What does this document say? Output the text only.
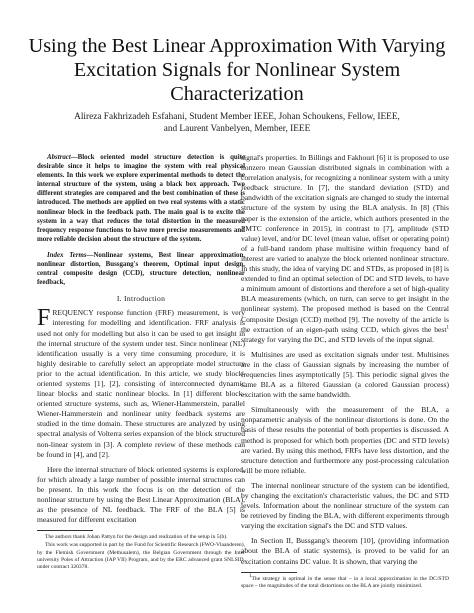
Using the Best Linear Approximation With Varying Excitation Signals for Nonlinear System Characterization
Alireza Fakhrizadeh Esfahani, Student Member IEEE, Johan Schoukens, Fellow, IEEE,
and Laurent Vanbelyen, Member, IEEE

Abstract—Block oriented model structure detection is quite desirable since it helps to imagine the system with real physical elements. In this work we explore experimental methods to detect the internal structure of the system, using a black box approach. Two different strategies are compared and the best combination of these is introduced. The methods are applied on two real systems with a static nonlinear block in the feedback path. The main goal is to excite the system in a way that reduces the total distortion in the measured frequency response functions to have more precise measurements and more reliable decision about the structure of the system.

Index Terms—Nonlinear systems, Best linear approximation, nonlinear distortion, Bussgang's theorem, Optimal input design, central composite design (CCD), structure detection, nonlinear feedback,

I. Introduction

FREQUENCY response function (FRF) measurement, is very interesting for modelling and identification. FRF analysis is used not only for modelling but also it can be used to get insight in the internal structure of the system under test. Since nonlinear (NL) identification usually is a very time consuming procedure, it is highly desirable to carefully select an appropriate model structure prior to the actual identification. In this article, we study block-oriented systems [1], [2], consisting of interconnected dynamic linear blocks and static nonlinear blocks. In [1] different block-oriented structure systems, such as, Wiener-Hammerstein, parallel Wiener-Hammerstein and nonlinear unity feedback systems are studied in the time domain. These structures are analyzed by using spectral analysis of Volterra series expansion of the block structured non-linear system in [3]. A complete review of these methods can be found in [4], and [2].

Here the internal structure of block oriented systems is explored, for which already a large number of possible internal structures can be present. In this work the focus is on the detection of the nonlinear structure by using the Best Linear Approximation (BLA), as the presence of NL feedback. The FRF of the BLA [5] is measured for different excitation

The authors thank Johan Pattyn for the design and realization of the setup in 5(b).

This work was supported in part by the Fund for Scientific Research (FWO-Vlaanderen), by the Flemish Government (Methusalem), the Belgian Government through the Inter university Poles of Attraction (IAP VII) Program, and by the ERC advanced grant SNLSID, under contract 320378.

signal's properties. In Billings and Fakhouri [6] it is proposed to use nonzero mean Gaussian distributed signals in combination with a correlation analysis, for recognizing a nonlinear system with a unity feedback structure. In [7], the standard deviation (STD) and bandwidth of the excitation signals are changed to study the internal structure of the system by using the BLA analysis. In [8] (This paper is the extension of the article, which authors presented in the PMTC conference in 2015), in contrast to [7], amplitude (STD value) level, and/or DC level (mean value, offset or operating point) of a full-band random phase multisine within frequency band of interest are varied to analyze the block oriented nonlinear structure. In this study, the idea of varying DC and STDs, as proposed in [8] is extended to find an optimal selection of DC and STD levels, to have a minimum amount of distortions and therefore a set of high-quality BLA measurements (which, on turn, can serve to get insight in the nonlinear system). The proposed method is based on the Central Composite Design (CCD) method [9]. The novelty of the article is the extraction of an eigen-path using CCD, which gives the best$^1$ strategy for varying the DC, and STD levels of the input signal.

Multisines are used as excitation signals under test. Multisines are in the class of Gaussian signals by increasing the number of frequencies lines asymptotically [5]. This periodic signal gives the same BLA as a filtered Gaussian (a colored Gaussian process) excitation with the same bandwidth.

Simultaneously with the measurement of the BLA, a nonparametric analysis of the nonlinear distortions is done. On the basis of these results the potential of both properties is discussed. A method is proposed for which both properties (DC and STD levels) are varied. By using this method, FRFs have less distortion, and the structure detection and furthermore any post-processing calculation will be more reliable.

The internal nonlinear structure of the system can be identified, by changing the excitation's characteristic values, the DC and STD levels. Information about the nonlinear structure of the system can be retrieved by finding the BLA, with different experiments through varying the excitation signal's the DC and STD values.

In Section II, Bussgang's theorem [10], (providing information about the BLA of static systems), is proved to be valid for an excitation contains DC value. It is shown, that varying the

$^1$The strategy is optimal in the sense that – in a local approximation in the DC/STD space – the magnitudes of the total distortions on the BLA are jointly minimized.
